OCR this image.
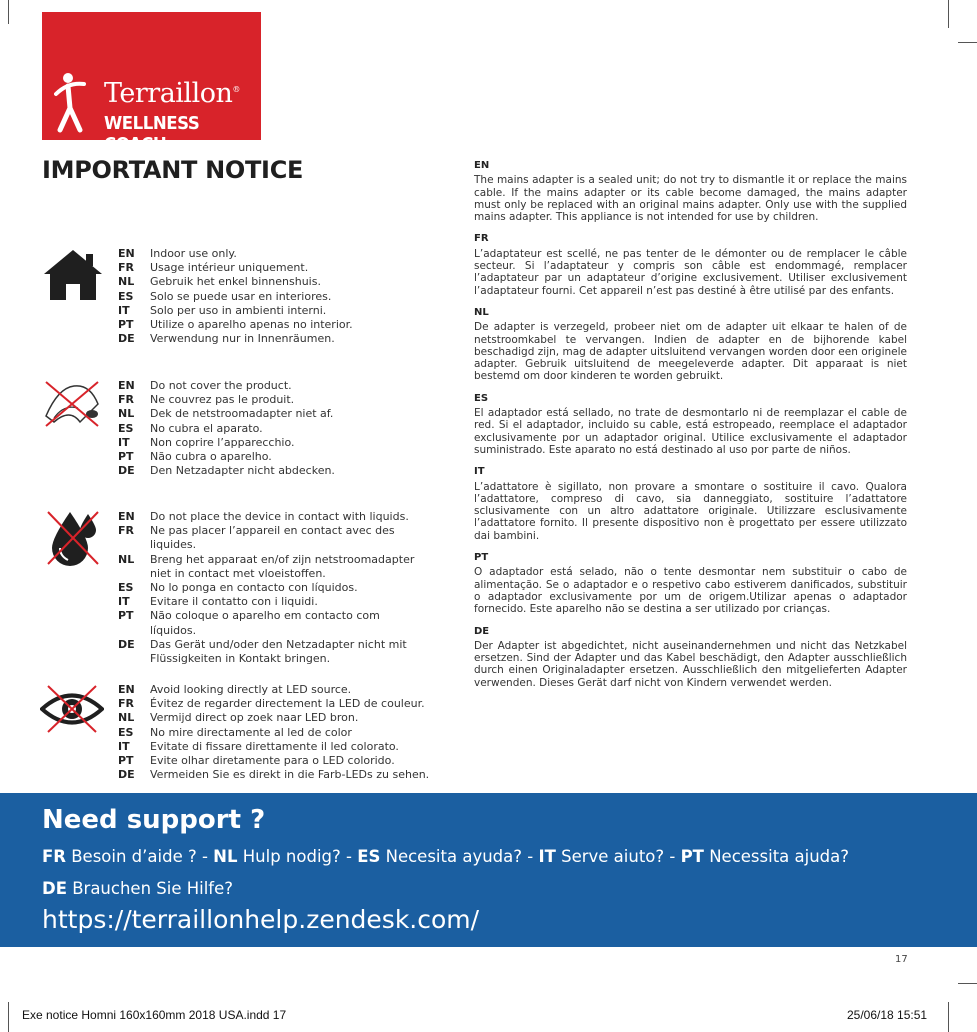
Terraillon®
WELLNESS COACH
IMPORTANT NOTICE
EN	Indoor use only.
FR	Usage intérieur uniquement.
NL	Gebruik het enkel binnenshuis.
ES	Solo se puede usar en interiores.
IT	Solo per uso in ambienti interni.
PT	Utilize o aparelho apenas no interior.
DE	Verwendung nur in Innenräumen.
EN	Do not cover the product.
FR	Ne couvrez pas le produit.
NL	Dek de netstroomadapter niet af.
ES	No cubra el aparato.
IT	Non coprire l’apparecchio.
PT	Não cubra o aparelho.
DE	Den Netzadapter nicht abdecken.
EN	Do not place the device in contact with liquids.
FR	Ne pas placer l’appareil en contact avec des liquides.
NL	Breng het apparaat en/of zijn netstroomadapter niet in contact met vloeistoffen.
ES	No lo ponga en contacto con líquidos.
IT	Evitare il contatto con i liquidi.
PT	Não coloque o aparelho em contacto com líquidos.
DE	Das Gerät und/oder den Netzadapter nicht mit Flüssigkeiten in Kontakt bringen.
EN	Avoid looking directly at LED source.
FR	Évitez de regarder directement la LED de couleur.
NL	Vermijd direct op zoek naar LED bron.
ES	No mire directamente al led de color
IT	Evitate di fissare direttamente il led colorato.
PT	Evite olhar diretamente para o LED colorido.
DE	Vermeiden Sie es direkt in die Farb-LEDs zu sehen.
EN
The mains adapter is a sealed unit; do not try to dismantle it or replace the mains cable. If the mains adapter or its cable become damaged, the mains adapter must only be replaced with an original mains adapter. Only use with the supplied mains adapter. This appliance is not intended for use by children.
FR
L’adaptateur est scellé, ne pas tenter de le démonter ou de remplacer le câble secteur. Si l’adaptateur y compris son câble est endommagé, remplacer l’adaptateur par un adaptateur d’origine exclusivement. Utiliser exclusivement l’adaptateur fourni. Cet appareil n’est pas destiné à être utilisé par des enfants.
NL
De adapter is verzegeld, probeer niet om de adapter uit elkaar te halen of de netstroomkabel te vervangen. Indien de adapter en de bijhorende kabel beschadigd zijn, mag de adapter uitsluitend vervangen worden door een originele adapter. Gebruik uitsluitend de meegeleverde adapter. Dit apparaat is niet bestemd om door kinderen te worden gebruikt.
ES
El adaptador está sellado, no trate de desmontarlo ni de reemplazar el cable de red. Si el adaptador, incluido su cable, está estropeado, reemplace el adaptador exclusivamente por un adaptador original. Utilice exclusivamente el adaptador suministrado. Este aparato no está destinado al uso por parte de niños.
IT
L’adattatore è sigillato, non provare a smontare o sostituire il cavo. Qualora l’adattatore, compreso di cavo, sia danneggiato, sostituire l’adattatore sclusivamente con un altro adattatore originale. Utilizzare esclusivamente l’adattatore fornito. Il presente dispositivo non è progettato per essere utilizzato dai bambini.
PT
O adaptador está selado, não o tente desmontar nem substituir o cabo de alimentação. Se o adaptador e o respetivo cabo estiverem danificados, substituir o adaptador exclusivamente por um de origem.Utilizar apenas o adaptador fornecido. Este aparelho não se destina a ser utilizado por crianças.
DE
Der Adapter ist abgedichtet, nicht auseinandernehmen und nicht das Netzkabel ersetzen. Sind der Adapter und das Kabel beschädigt, den Adapter ausschließlich durch einen Originaladapter ersetzen. Ausschließlich den mitgelieferten Adapter verwenden. Dieses Gerät darf nicht von Kindern verwendet werden.
Need support ?
FR Besoin d’aide ? - NL Hulp nodig? - ES Necesita ayuda? - IT Serve aiuto? - PT Necessita ajuda?
DE Brauchen Sie Hilfe?
https://terraillonhelp.zendesk.com/
17
Exe notice Homni 160x160mm 2018 USA.indd 17	25/06/18 15:51
